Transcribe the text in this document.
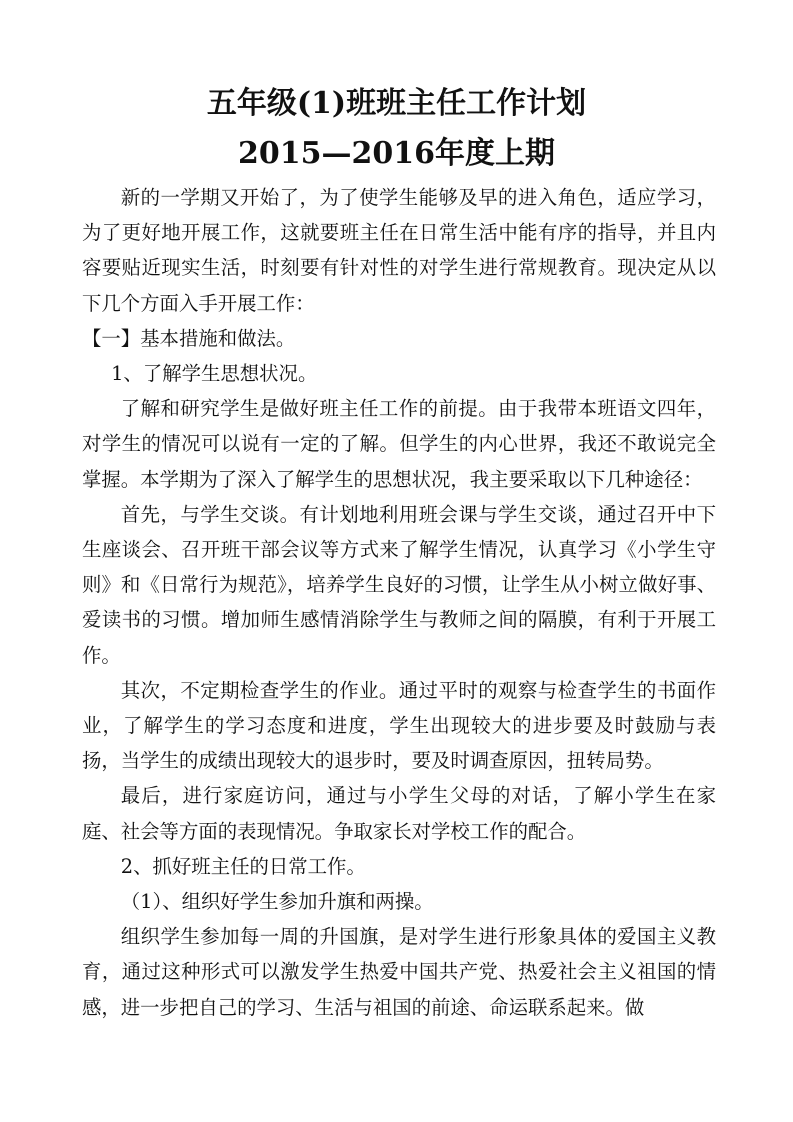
五年级(1)班班主任工作计划
2015—2016年度上期

新的一学期又开始了，为了使学生能够及早的进入角色，适应学习，为了更好地开展工作，这就要班主任在日常生活中能有序的指导，并且内容要贴近现实生活，时刻要有针对性的对学生进行常规教育。现决定从以下几个方面入手开展工作：

【一】基本措施和做法。

1、了解学生思想状况。

了解和研究学生是做好班主任工作的前提。由于我带本班语文四年，对学生的情况可以说有一定的了解。但学生的内心世界，我还不敢说完全掌握。本学期为了深入了解学生的思想状况，我主要采取以下几种途径：

首先，与学生交谈。有计划地利用班会课与学生交谈，通过召开中下生座谈会、召开班干部会议等方式来了解学生情况，认真学习《小学生守则》和《日常行为规范》，培养学生良好的习惯，让学生从小树立做好事、爱读书的习惯。增加师生感情消除学生与教师之间的隔膜，有利于开展工作。

其次，不定期检查学生的作业。通过平时的观察与检查学生的书面作业，了解学生的学习态度和进度，学生出现较大的进步要及时鼓励与表扬，当学生的成绩出现较大的退步时，要及时调查原因，扭转局势。

最后，进行家庭访问，通过与小学生父母的对话，了解小学生在家庭、社会等方面的表现情况。争取家长对学校工作的配合。

2、抓好班主任的日常工作。

（1）、组织好学生参加升旗和两操。

组织学生参加每一周的升国旗，是对学生进行形象具体的爱国主义教育，通过这种形式可以激发学生热爱中国共产党、热爱社会主义祖国的情感，进一步把自己的学习、生活与祖国的前途、命运联系起来。做
